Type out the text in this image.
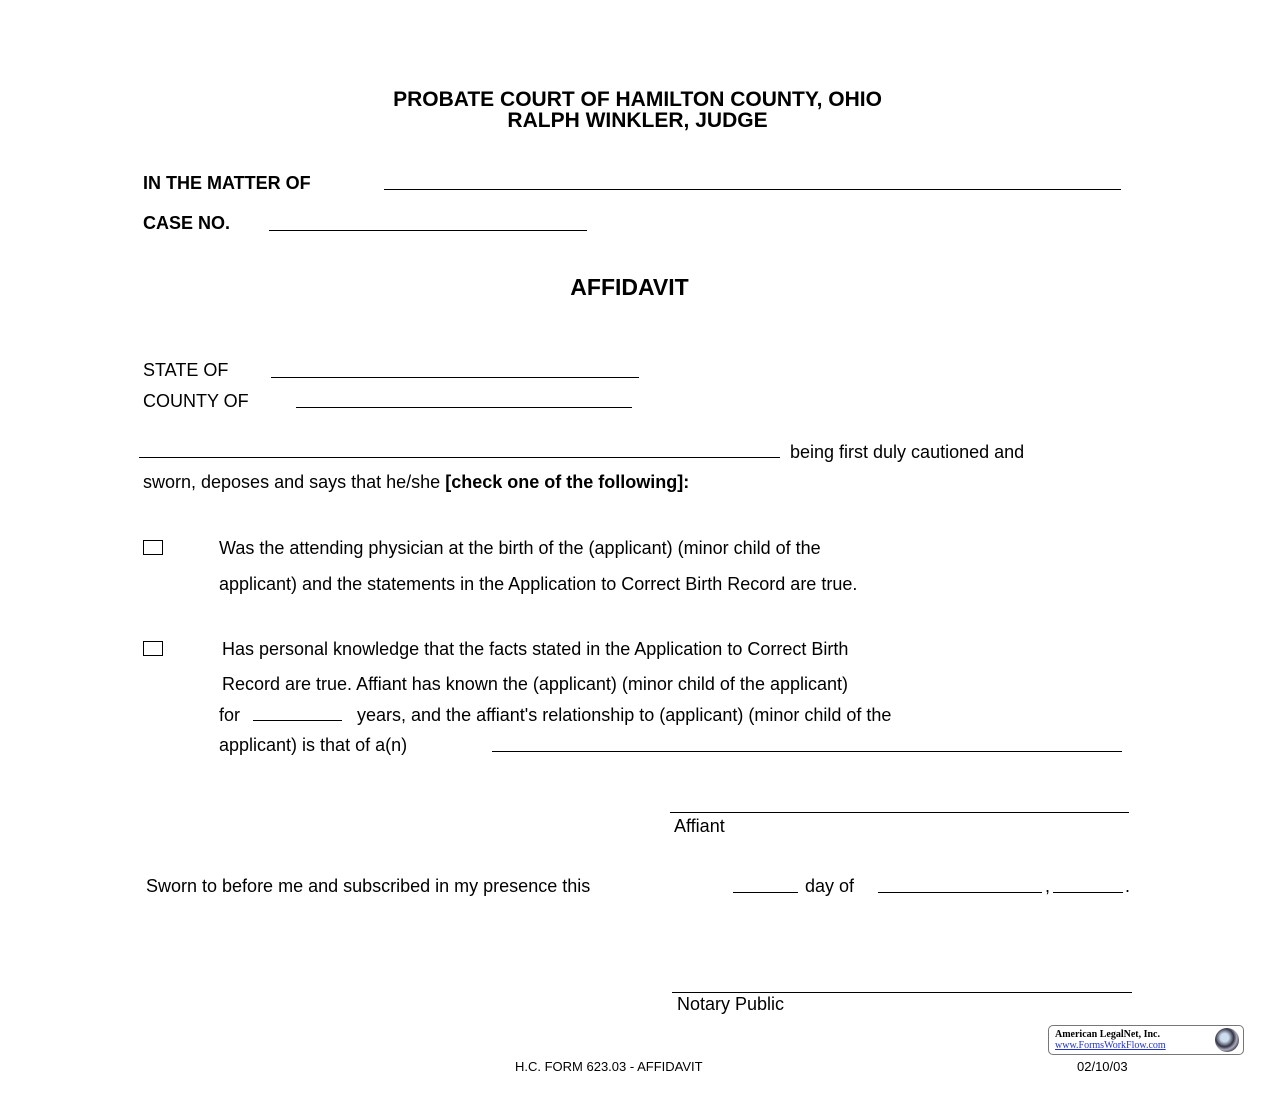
PROBATE COURT OF HAMILTON COUNTY, OHIO
RALPH WINKLER, JUDGE
IN THE MATTER OF
CASE NO.
AFFIDAVIT
STATE OF
COUNTY OF
being first duly cautioned and
sworn, deposes and says that he/she [check one of the following]:
Was the attending physician at the birth of the (applicant) (minor child of the
applicant) and the statements in the Application to Correct Birth Record are true.
Has personal knowledge that the facts stated in the Application to Correct Birth
Record are true. Affiant has known the (applicant) (minor child of the applicant)
for	years, and the affiant's relationship to (applicant) (minor child of the
applicant) is that of a(n)
Affiant
Sworn to before me and subscribed in my presence this	day of	,	.
Notary Public
American LegalNet, Inc.
www.FormsWorkFlow.com
H.C. FORM 623.03 - AFFIDAVIT	02/10/03
